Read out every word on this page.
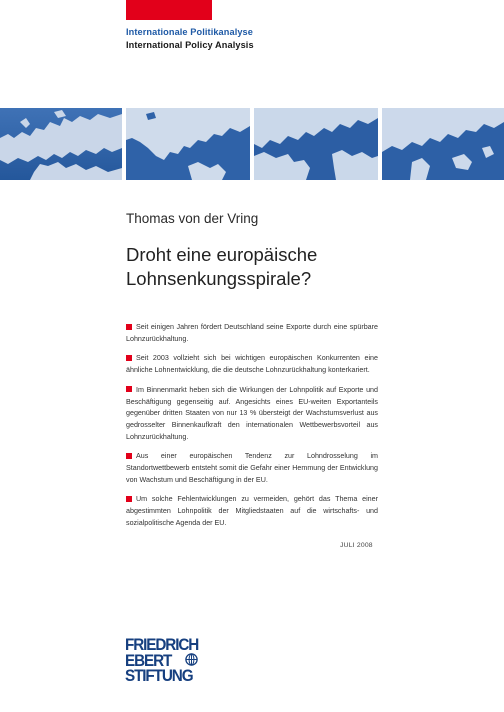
Internationale Politikanalyse
International Policy Analysis
Thomas von der Vring
Droht eine europäische
Lohnsenkungsspirale?

Seit einigen Jahren fördert Deutschland seine Exporte durch eine spürbare Lohnzurückhaltung.

Seit 2003 vollzieht sich bei wichtigen europäischen Konkurrenten eine ähnliche Lohnentwicklung, die die deutsche Lohnzurückhaltung konterkariert.

Im Binnenmarkt heben sich die Wirkungen der Lohnpolitik auf Exporte und Beschäftigung gegenseitig auf. Angesichts eines EU-weiten Exportanteils gegenüber dritten Staaten von nur 13 % übersteigt der Wachstumsverlust aus gedrosselter Binnenkaufkraft den internationalen Wettbewerbsvorteil aus Lohnzurückhaltung.

Aus einer europäischen Tendenz zur Lohndrosselung im Standortwettbewerb entsteht somit die Gefahr einer Hemmung der Entwicklung von Wachstum und Beschäftigung in der EU.

Um solche Fehlentwicklungen zu vermeiden, gehört das Thema einer abgestimmten Lohnpolitik der Mitgliedstaaten auf die wirtschafts- und sozialpolitische Agenda der EU.

JULI 2008
FRIEDRICH
EBERT
STIFTUNG
